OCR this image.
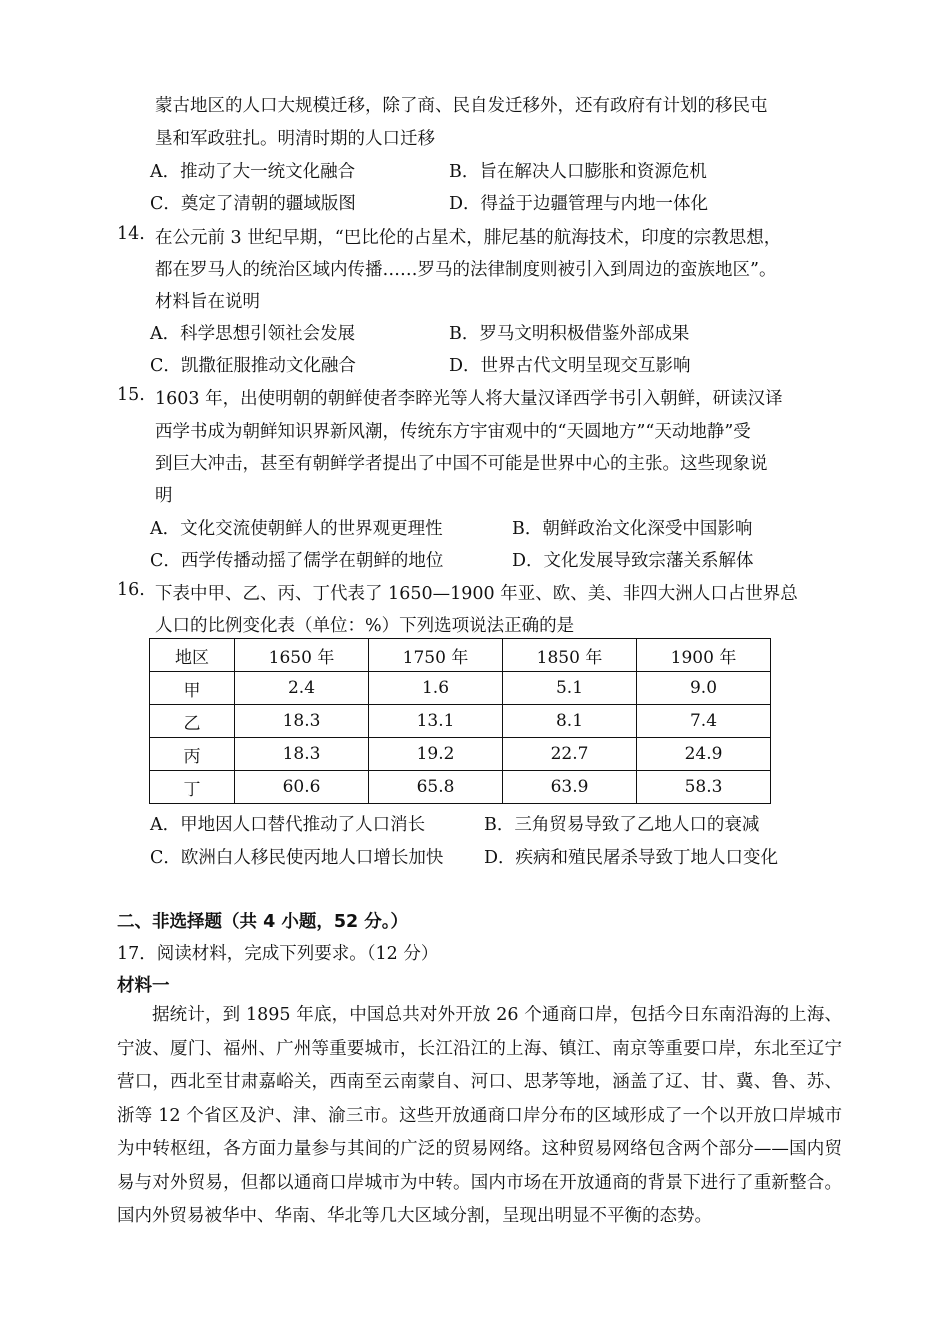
蒙古地区的人口大规模迁移，除了商、民自发迁移外，还有政府有计划的移民屯
垦和军政驻扎。明清时期的人口迁移
A．推动了大一统文化融合	B．旨在解决人口膨胀和资源危机
C．奠定了清朝的疆域版图	D．得益于边疆管理与内地一体化
14. 在公元前 3 世纪早期，“巴比伦的占星术，腓尼基的航海技术，印度的宗教思想，
都在罗马人的统治区域内传播……罗马的法律制度则被引入到周边的蛮族地区”。
材料旨在说明
A．科学思想引领社会发展	B．罗马文明积极借鉴外部成果
C．凯撒征服推动文化融合	D．世界古代文明呈现交互影响
15. 1603 年，出使明朝的朝鲜使者李睟光等人将大量汉译西学书引入朝鲜，研读汉译
西学书成为朝鲜知识界新风潮，传统东方宇宙观中的“天圆地方”“天动地静”受
到巨大冲击，甚至有朝鲜学者提出了中国不可能是世界中心的主张。这些现象说
明
A．文化交流使朝鲜人的世界观更理性	B．朝鲜政治文化深受中国影响
C．西学传播动摇了儒学在朝鲜的地位	D．文化发展导致宗藩关系解体
16. 下表中甲、乙、丙、丁代表了 1650—1900 年亚、欧、美、非四大洲人口占世界总
人口的比例变化表（单位：%）下列选项说法正确的是
地区	1650 年	1750 年	1850 年	1900 年
甲	2.4	1.6	5.1	9.0
乙	18.3	13.1	8.1	7.4
丙	18.3	19.2	22.7	24.9
丁	60.6	65.8	63.9	58.3
A．甲地因人口替代推动了人口消长	B．三角贸易导致了乙地人口的衰减
C．欧洲白人移民使丙地人口增长加快 D．疾病和殖民屠杀导致丁地人口变化
二、非选择题（共 4 小题，52 分。）
17．阅读材料，完成下列要求。（12 分）
材料一
据统计，到 1895 年底，中国总共对外开放 26 个通商口岸，包括今日东南沿海的上海、宁波、厦门、福州、广州等重要城市，长江沿江的上海、镇江、南京等重要口岸，东北至辽宁营口，西北至甘肃嘉峪关，西南至云南蒙自、河口、思茅等地，涵盖了辽、甘、冀、鲁、苏、浙等 12 个省区及沪、津、渝三市。这些开放通商口岸分布的区域形成了一个以开放口岸城市为中转枢纽，各方面力量参与其间的广泛的贸易网络。这种贸易网络包含两个部分——国内贸易与对外贸易，但都以通商口岸城市为中转。国内市场在开放通商的背景下进行了重新整合。国内外贸易被华中、华南、华北等几大区域分割，呈现出明显不平衡的态势。
